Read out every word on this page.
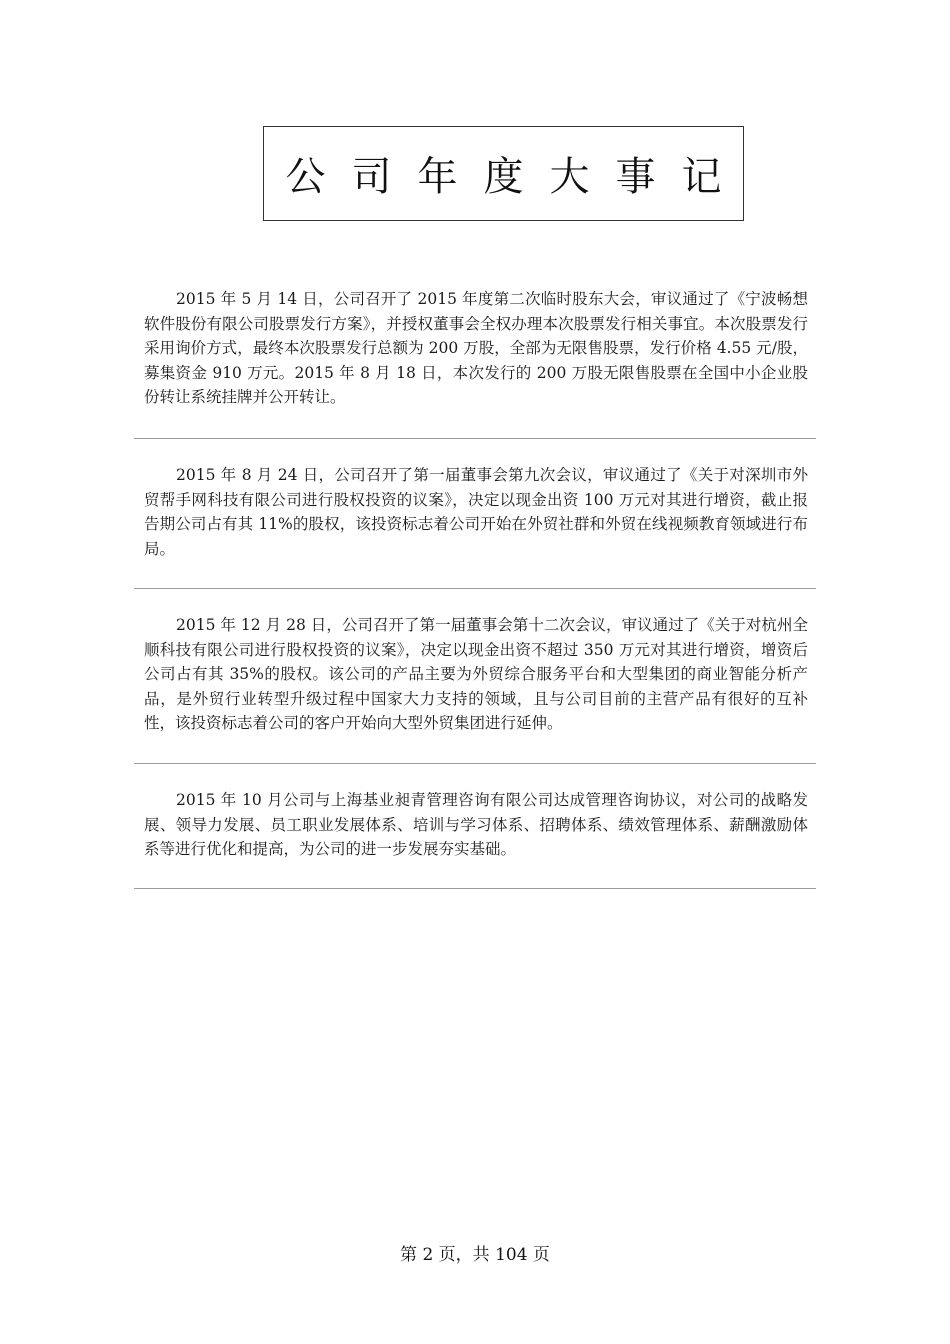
公司年度大事记

2015 年 5 月 14 日，公司召开了 2015 年度第二次临时股东大会，审议通过了《宁波畅想软件股份有限公司股票发行方案》，并授权董事会全权办理本次股票发行相关事宜。本次股票发行采用询价方式，最终本次股票发行总额为 200 万股，全部为无限售股票，发行价格 4.55 元/股，募集资金 910 万元。2015 年 8 月 18 日，本次发行的 200 万股无限售股票在全国中小企业股份转让系统挂牌并公开转让。

2015 年 8 月 24 日，公司召开了第一届董事会第九次会议，审议通过了《关于对深圳市外贸帮手网科技有限公司进行股权投资的议案》，决定以现金出资 100 万元对其进行增资，截止报告期公司占有其 11%的股权，该投资标志着公司开始在外贸社群和外贸在线视频教育领域进行布局。

2015 年 12 月 28 日，公司召开了第一届董事会第十二次会议，审议通过了《关于对杭州全顺科技有限公司进行股权投资的议案》，决定以现金出资不超过 350 万元对其进行增资，增资后公司占有其 35%的股权。该公司的产品主要为外贸综合服务平台和大型集团的商业智能分析产品，是外贸行业转型升级过程中国家大力支持的领域，且与公司目前的主营产品有很好的互补性，该投资标志着公司的客户开始向大型外贸集团进行延伸。

2015 年 10 月公司与上海基业昶青管理咨询有限公司达成管理咨询协议，对公司的战略发展、领导力发展、员工职业发展体系、培训与学习体系、招聘体系、绩效管理体系、薪酬激励体系等进行优化和提高，为公司的进一步发展夯实基础。

第 2 页，共 104 页
